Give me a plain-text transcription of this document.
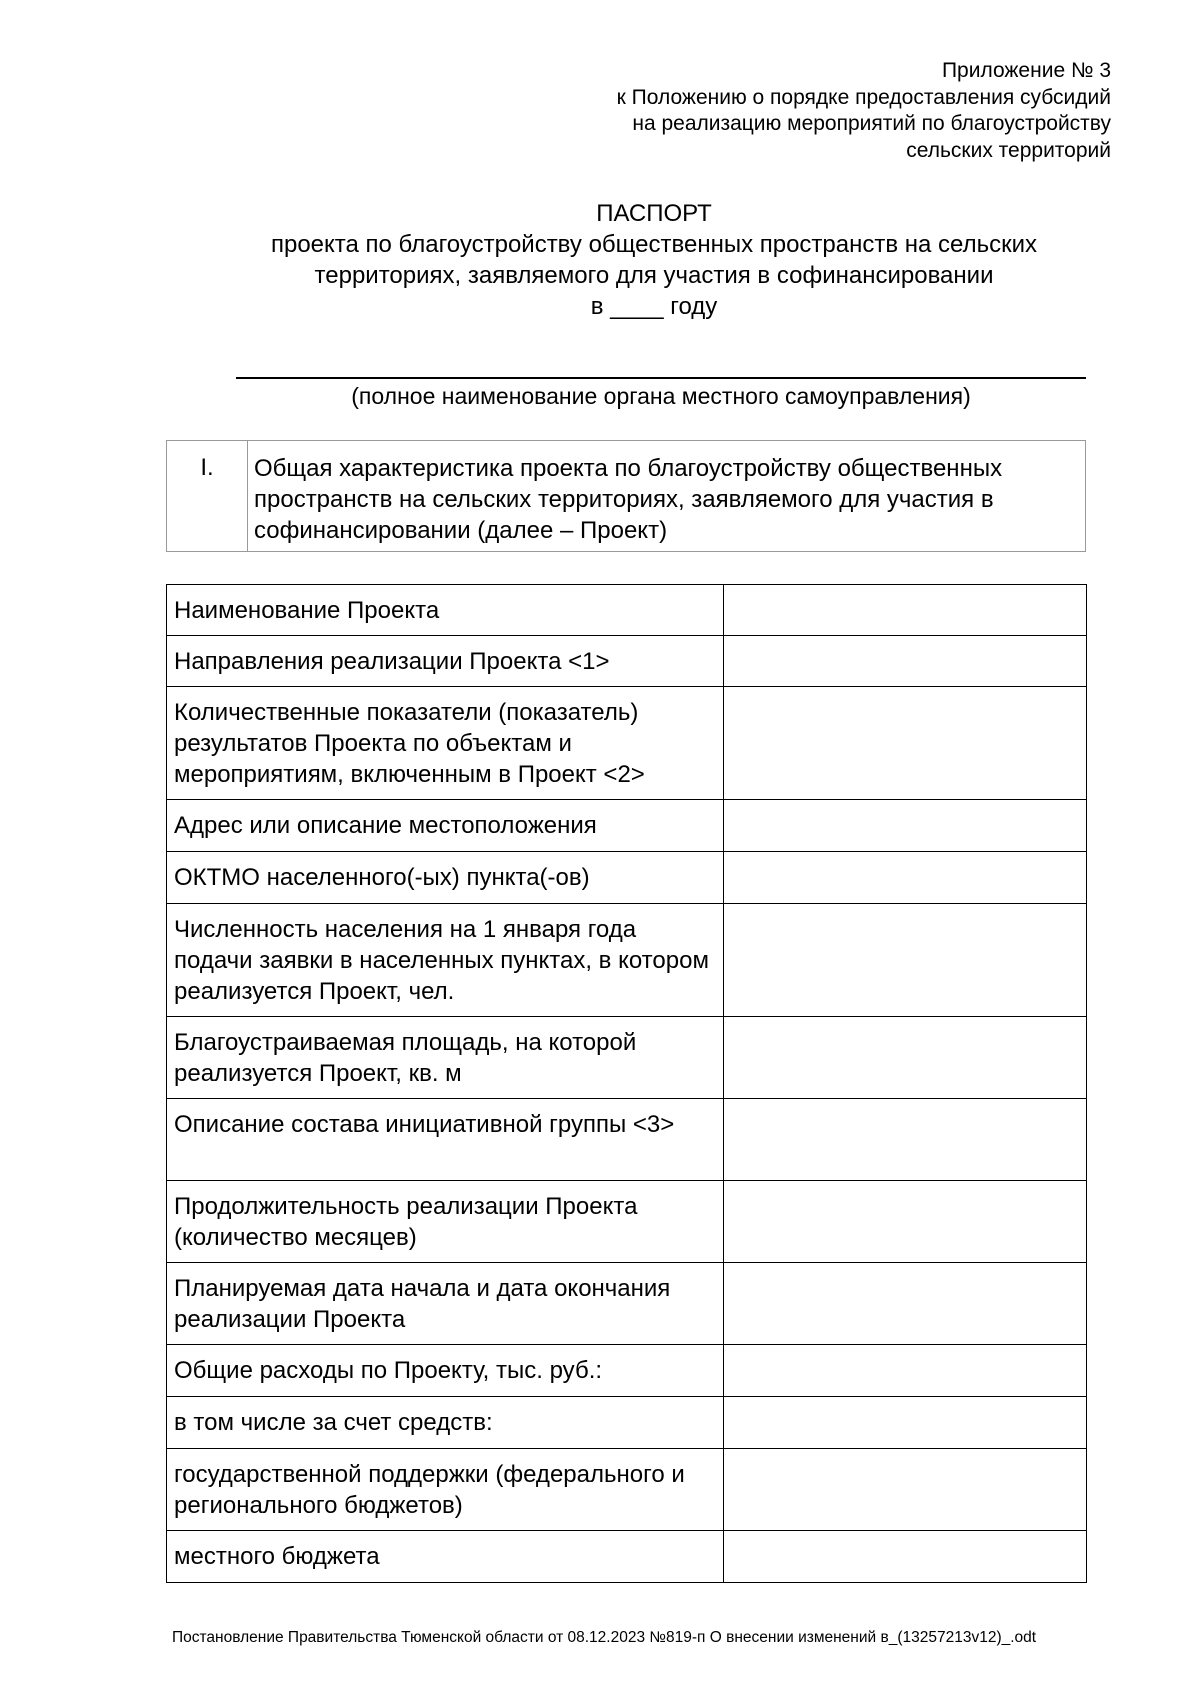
Приложение № 3
к Положению о порядке предоставления субсидий
на реализацию мероприятий по благоустройству
сельских территорий
ПАСПОРТ
проекта по благоустройству общественных пространств на сельских
территориях, заявляемого для участия в софинансировании
в ____ году
(полное наименование органа местного самоуправления)
I.	Общая характеристика проекта по благоустройству общественных пространств на сельских территориях, заявляемого для участия в софинансировании (далее – Проект)
Наименование Проекта	
Направления реализации Проекта <1>	
Количественные показатели (показатель) результатов Проекта по объектам и мероприятиям, включенным в Проект <2>	
Адрес или описание местоположения	
ОКТМО населенного(-ых) пункта(-ов)	
Численность населения на 1 января года подачи заявки в населенных пунктах, в котором реализуется Проект, чел.	
Благоустраиваемая площадь, на которой реализуется Проект, кв. м	
Описание состава инициативной группы <3>	
Продолжительность реализации Проекта (количество месяцев)	
Планируемая дата начала и дата окончания реализации Проекта	
Общие расходы по Проекту, тыс. руб.:	
в том числе за счет средств:	
государственной поддержки (федерального и регионального бюджетов)	
местного бюджета	
Постановление Правительства Тюменской области от 08.12.2023 №819-п О внесении изменений в_(13257213v12)_.odt
